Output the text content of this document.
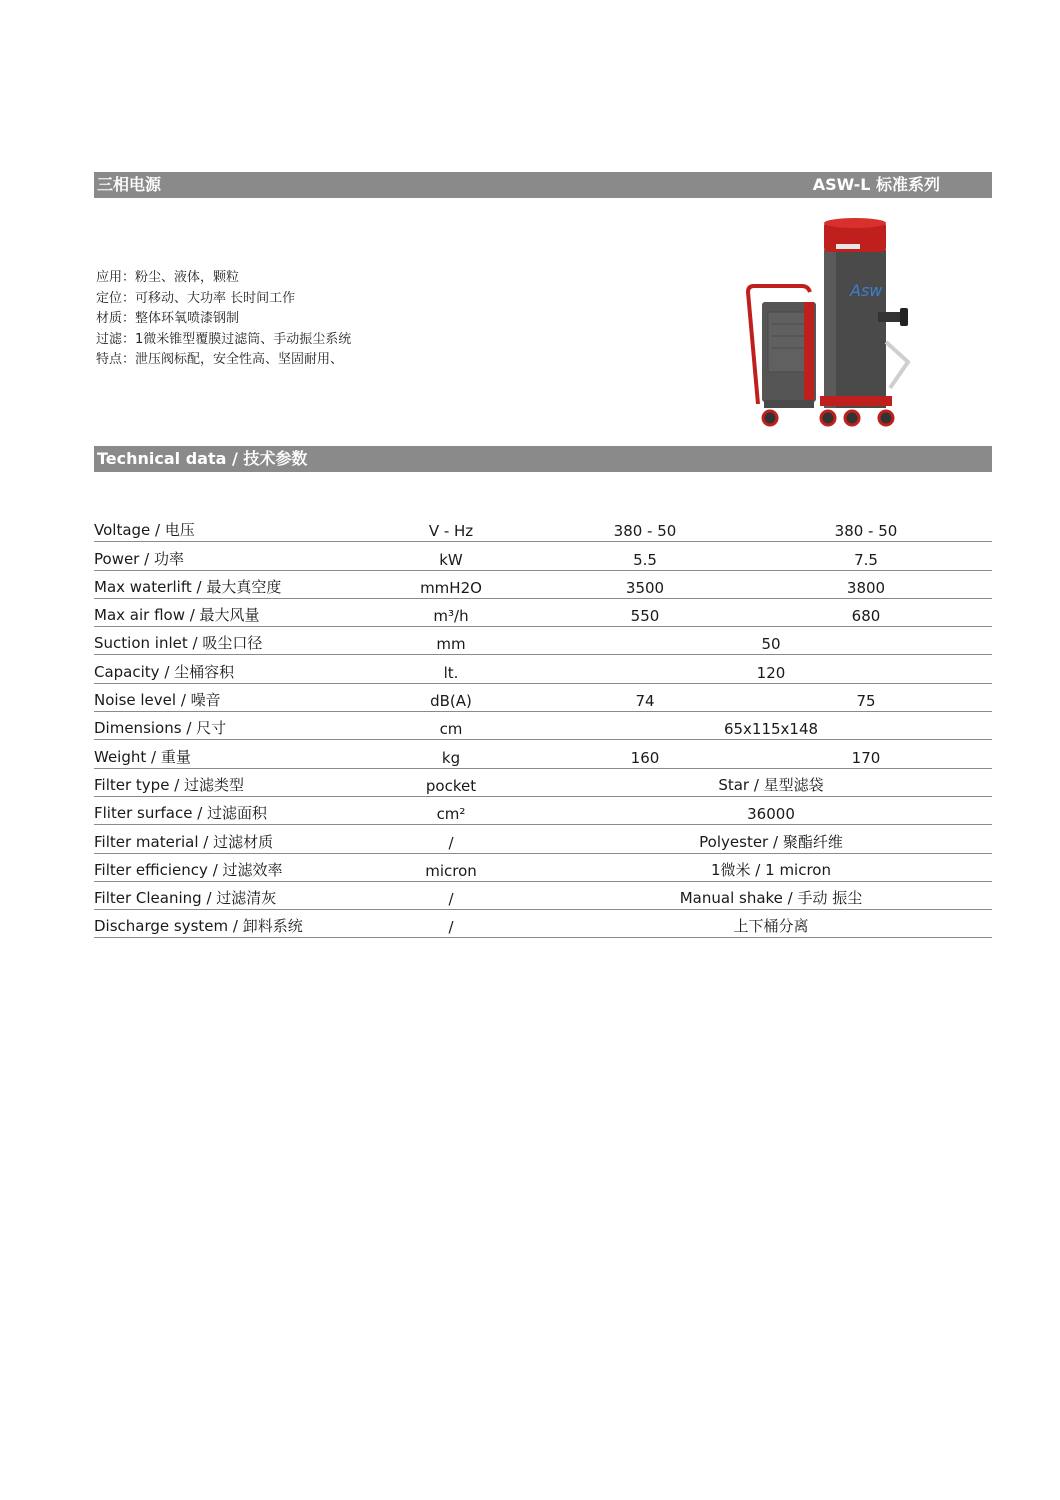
三相电源	ASW-L 标准系列
应用：粉尘、液体，颗粒
定位：可移动、大功率 长时间工作
材质：整体环氧喷漆钢制
过滤：1微米锥型覆膜过滤筒、手动振尘系统
特点：泄压阀标配，安全性高、坚固耐用、
Asw
Technical data / 技术参数
Voltage / 电压	V - Hz	380 - 50	380 - 50
Power / 功率	kW	5.5	7.5
Max waterlift / 最大真空度	mmH2O	3500	3800
Max air flow / 最大风量	m³/h	550	680
Suction inlet / 吸尘口径	mm	50	
Capacity / 尘桶容积	lt.	120	
Noise level / 噪音	dB(A)	74	75
Dimensions / 尺寸	cm	65x115x148	
Weight / 重量	kg	160	170
Filter type / 过滤类型	pocket	Star / 星型滤袋	
Fliter surface / 过滤面积	cm²	36000	
Filter material / 过滤材质	/	Polyester / 聚酯纤维	
Filter efficiency / 过滤效率	micron	1微米 / 1 micron	
Filter Cleaning / 过滤清灰	/	Manual shake / 手动 振尘	
Discharge system / 卸料系统	/	上下桶分离	
